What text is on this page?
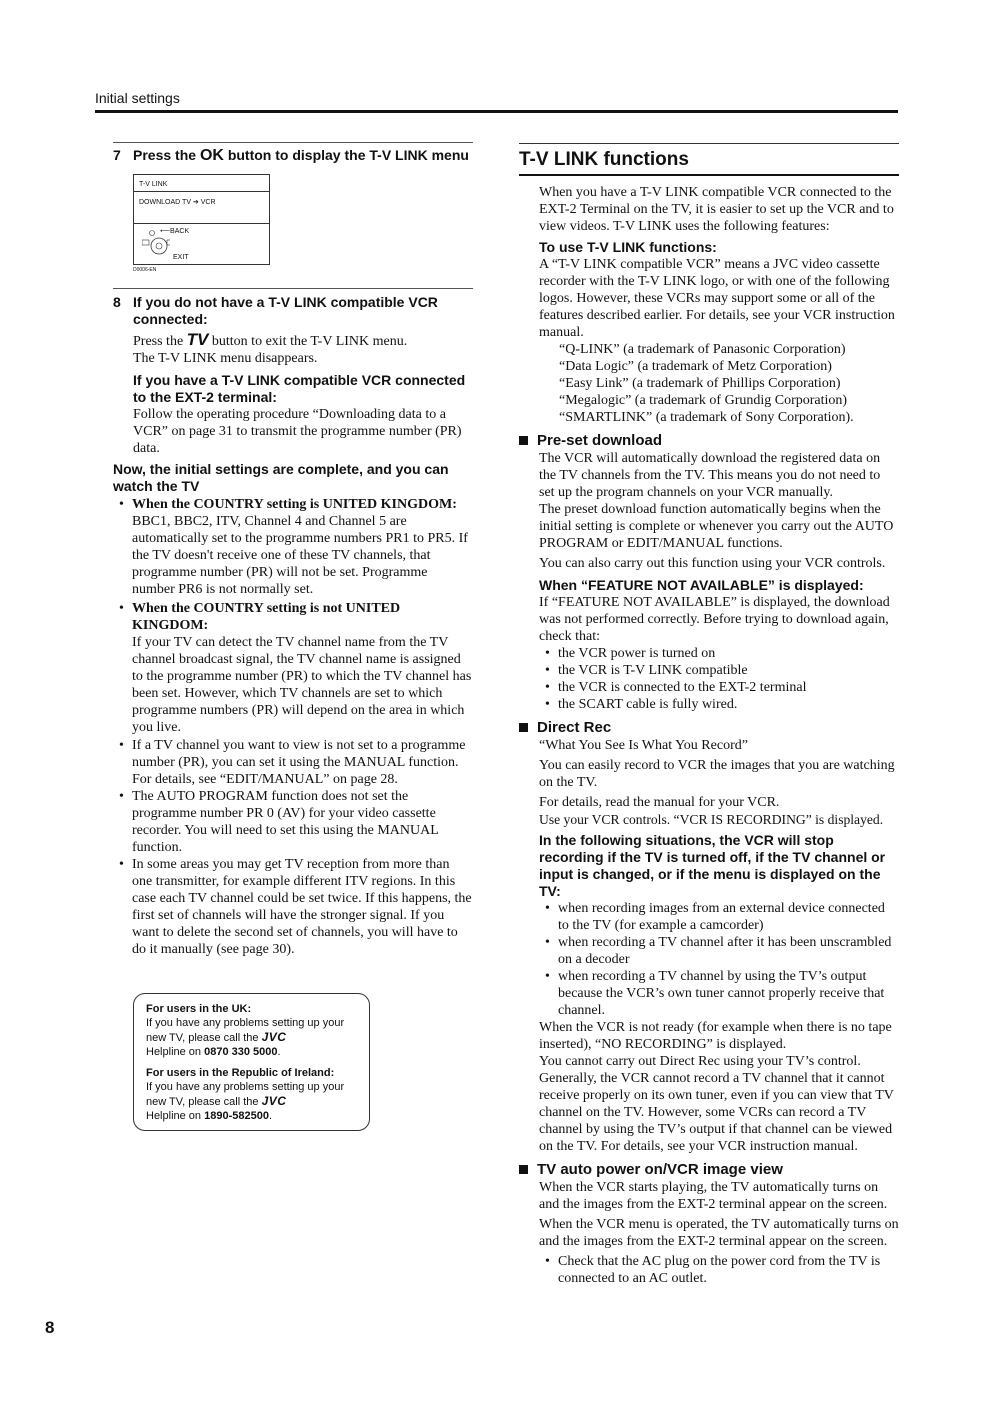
Initial settings
7 Press the OK button to display the T-V LINK menu
T-V LINK
DOWNLOAD TV ➔ VCR
⟵BACK
EXIT
D0006-EN
8 If you do not have a T-V LINK compatible VCR connected:

Press the TV button to exit the T-V LINK menu.

The T-V LINK menu disappears.

If you have a T-V LINK compatible VCR connected to the EXT-2 terminal:

Follow the operating procedure “Downloading data to a VCR” on page 31 to transmit the programme number (PR) data.

Now, the initial settings are complete, and you can watch the TV
• When the COUNTRY setting is UNITED KINGDOM:
BBC1, BBC2, ITV, Channel 4 and Channel 5 are automatically set to the programme numbers PR1 to PR5. If the TV doesn't receive one of these TV channels, that programme number (PR) will not be set. Programme number PR6 is not normally set.
• When the COUNTRY setting is not UNITED KINGDOM:
If your TV can detect the TV channel name from the TV channel broadcast signal, the TV channel name is assigned to the programme number (PR) to which the TV channel has been set. However, which TV channels are set to which programme numbers (PR) will depend on the area in which you live.
• If a TV channel you want to view is not set to a programme number (PR), you can set it using the MANUAL function. For details, see “EDIT/MANUAL” on page 28.
• The AUTO PROGRAM function does not set the programme number PR 0 (AV) for your video cassette recorder. You will need to set this using the MANUAL function.
• In some areas you may get TV reception from more than one transmitter, for example different ITV regions. In this case each TV channel could be set twice. If this happens, the first set of channels will have the stronger signal. If you want to delete the second set of channels, you will have to do it manually (see page 30).
For users in the UK:
If you have any problems setting up your
new TV, please call the JVC
Helpline on 0870 330 5000.
For users in the Republic of Ireland:
If you have any problems setting up your
new TV, please call the JVC
Helpline on 1890-582500.
T-V LINK functions

When you have a T-V LINK compatible VCR connected to the EXT-2 Terminal on the TV, it is easier to set up the VCR and to view videos. T-V LINK uses the following features:

To use T-V LINK functions:

A “T-V LINK compatible VCR” means a JVC video cassette recorder with the T-V LINK logo, or with one of the following logos. However, these VCRs may support some or all of the features described earlier. For details, see your VCR instruction manual.

“Q-LINK” (a trademark of Panasonic Corporation)
“Data Logic” (a trademark of Metz Corporation)
“Easy Link” (a trademark of Phillips Corporation)
“Megalogic” (a trademark of Grundig Corporation)
“SMARTLINK” (a trademark of Sony Corporation).
Pre-set download

The VCR will automatically download the registered data on the TV channels from the TV. This means you do not need to set up the program channels on your VCR manually.

The preset download function automatically begins when the initial setting is complete or whenever you carry out the AUTO PROGRAM or EDIT/MANUAL functions.

You can also carry out this function using your VCR controls.

When “FEATURE NOT AVAILABLE” is displayed:

If “FEATURE NOT AVAILABLE” is displayed, the download was not performed correctly. Before trying to download again, check that:

• the VCR power is turned on
• the VCR is T-V LINK compatible
• the VCR is connected to the EXT-2 terminal
• the SCART cable is fully wired.
Direct Rec

“What You See Is What You Record”

You can easily record to VCR the images that you are watching on the TV.

For details, read the manual for your VCR.

Use your VCR controls. “VCR IS RECORDING” is displayed.

In the following situations, the VCR will stop recording if the TV is turned off, if the TV channel or input is changed, or if the menu is displayed on the TV:
• when recording images from an external device connected to the TV (for example a camcorder)
• when recording a TV channel after it has been unscrambled on a decoder
• when recording a TV channel by using the TV’s output because the VCR’s own tuner cannot properly receive that channel.

When the VCR is not ready (for example when there is no tape inserted), “NO RECORDING” is displayed.

You cannot carry out Direct Rec using your TV’s control. Generally, the VCR cannot record a TV channel that it cannot receive properly on its own tuner, even if you can view that TV channel on the TV. However, some VCRs can record a TV channel by using the TV’s output if that channel can be viewed on the TV. For details, see your VCR instruction manual.

TV auto power on/VCR image view

When the VCR starts playing, the TV automatically turns on and the images from the EXT-2 terminal appear on the screen.

When the VCR menu is operated, the TV automatically turns on and the images from the EXT-2 terminal appear on the screen.

• Check that the AC plug on the power cord from the TV is connected to an AC outlet.
8
